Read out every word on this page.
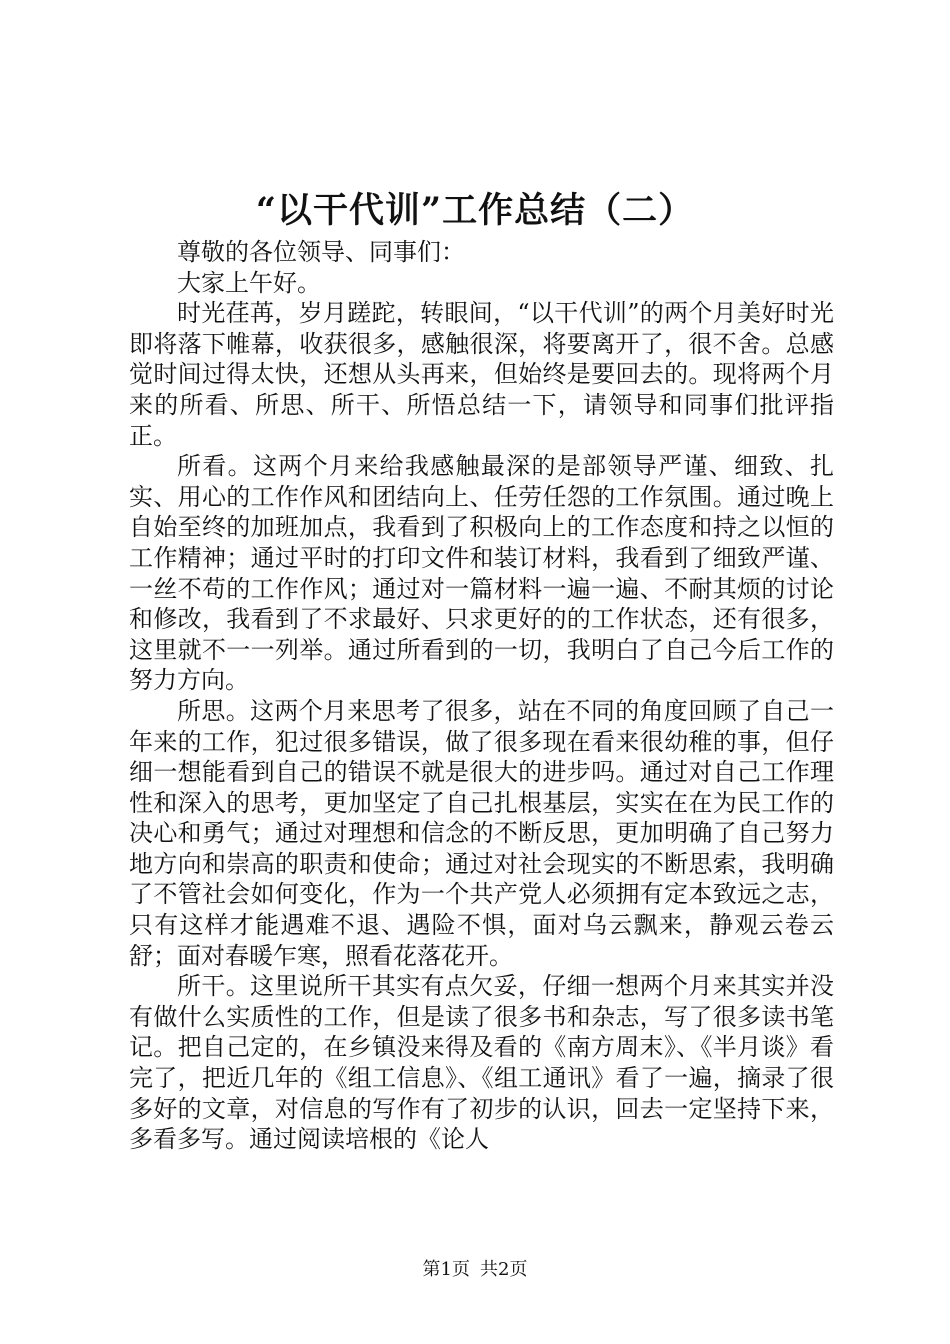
“以干代训”工作总结（二）

尊敬的各位领导、同事们：

大家上午好。

时光荏苒，岁月蹉跎，转眼间，“以干代训”的两个月美好时光即将落下帷幕，收获很多，感触很深，将要离开了，很不舍。总感觉时间过得太快，还想从头再来，但始终是要回去的。现将两个月来的所看、所思、所干、所悟总结一下，请领导和同事们批评指正。

所看。这两个月来给我感触最深的是部领导严谨、细致、扎实、用心的工作作风和团结向上、任劳任怨的工作氛围。通过晚上自始至终的加班加点，我看到了积极向上的工作态度和持之以恒的工作精神；通过平时的打印文件和装订材料，我看到了细致严谨、一丝不苟的工作作风；通过对一篇材料一遍一遍、不耐其烦的讨论和修改，我看到了不求最好、只求更好的的工作状态，还有很多，这里就不一一列举。通过所看到的一切，我明白了自己今后工作的努力方向。

所思。这两个月来思考了很多，站在不同的角度回顾了自己一年来的工作，犯过很多错误，做了很多现在看来很幼稚的事，但仔细一想能看到自己的错误不就是很大的进步吗。通过对自己工作理性和深入的思考，更加坚定了自己扎根基层，实实在在为民工作的决心和勇气；通过对理想和信念的不断反思，更加明确了自己努力地方向和崇高的职责和使命；通过对社会现实的不断思索，我明确了不管社会如何变化，作为一个共产党人必须拥有定本致远之志，只有这样才能遇难不退、遇险不惧，面对乌云飘来，静观云卷云舒；面对春暖乍寒，照看花落花开。

所干。这里说所干其实有点欠妥，仔细一想两个月来其实并没有做什么实质性的工作，但是读了很多书和杂志，写了很多读书笔记。把自己定的，在乡镇没来得及看的《南方周末》、《半月谈》看完了，把近几年的《组工信息》、《组工通讯》看了一遍，摘录了很多好的文章，对信息的写作有了初步的认识，回去一定坚持下来，多看多写。通过阅读培根的《论人

第1页 共2页
